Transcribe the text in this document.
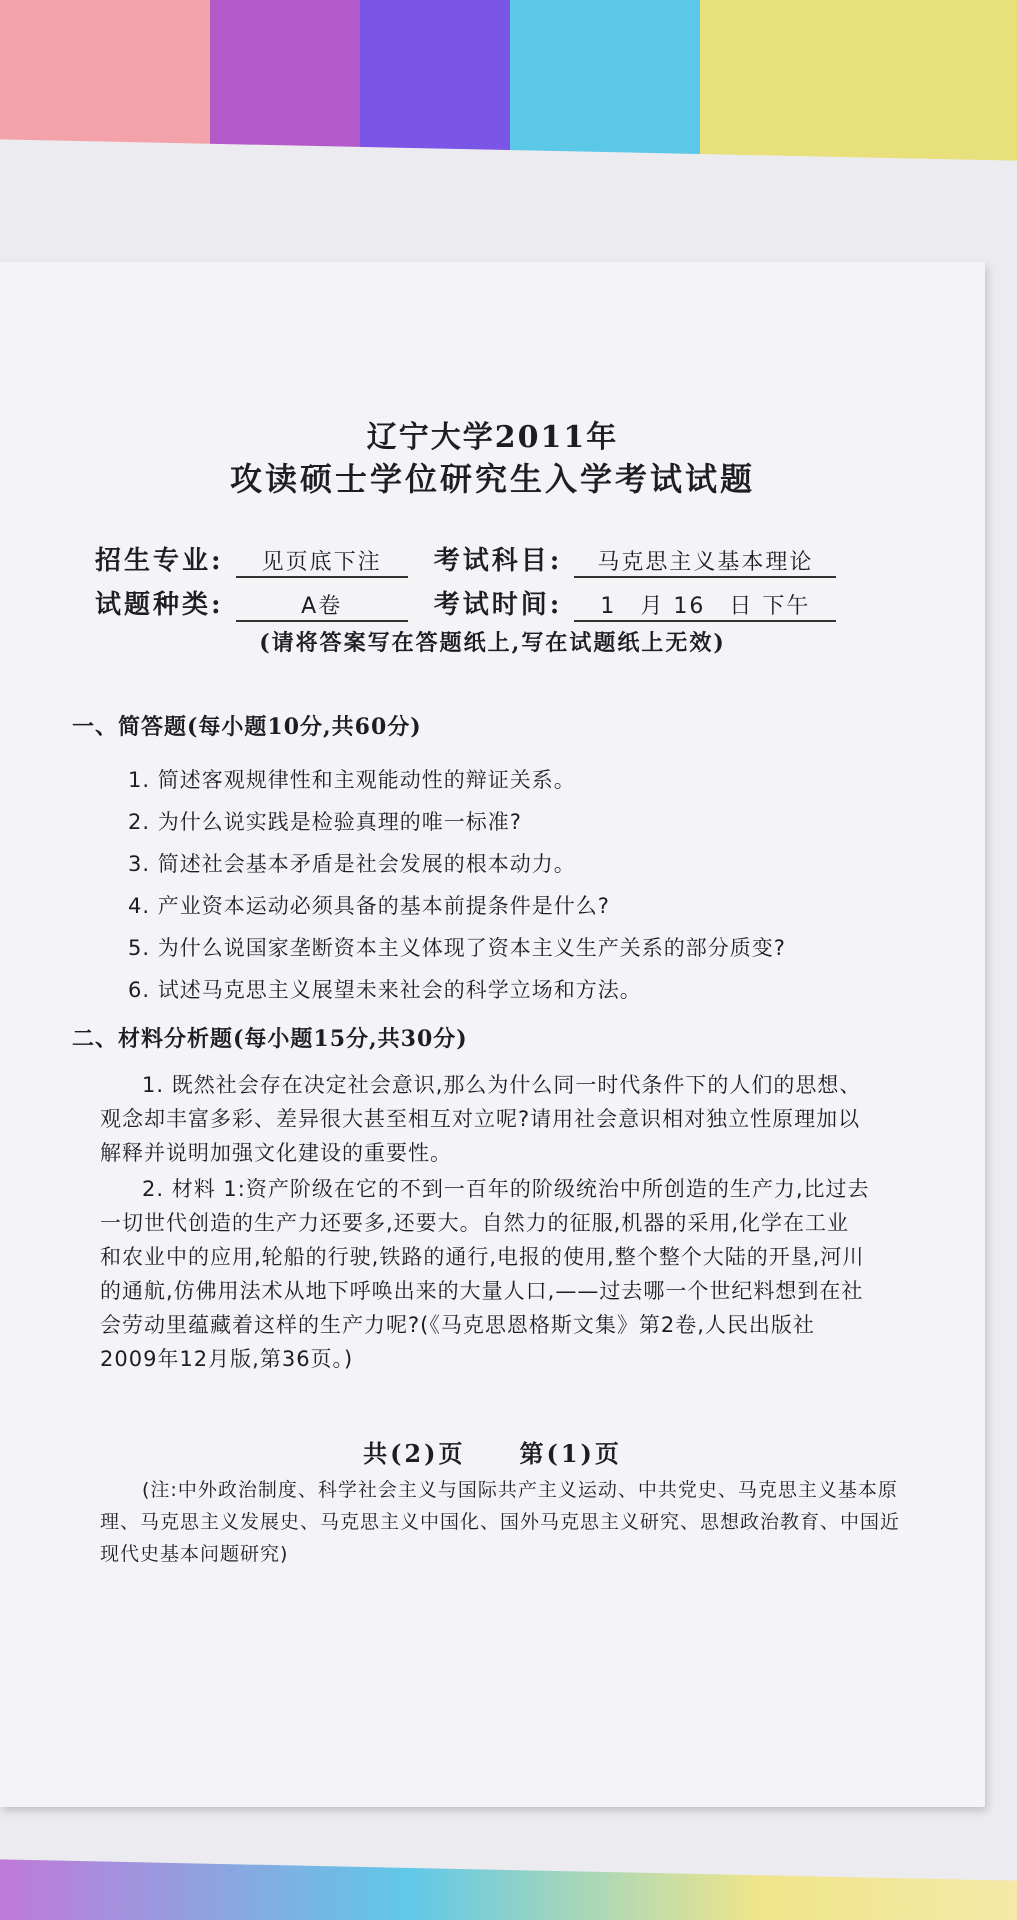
辽宁大学2011年
攻读硕士学位研究生入学考试试题
招生专业: 见页底下注 考试科目: 马克思主义基本理论
试题种类:	A卷	考试时间: 1　月 16　日 下午
(请将答案写在答题纸上,写在试题纸上无效)
一、简答题(每小题10分,共60分)
1. 简述客观规律性和主观能动性的辩证关系。
2. 为什么说实践是检验真理的唯一标准?
3. 简述社会基本矛盾是社会发展的根本动力。
4. 产业资本运动必须具备的基本前提条件是什么?
5. 为什么说国家垄断资本主义体现了资本主义生产关系的部分质变?
6. 试述马克思主义展望未来社会的科学立场和方法。
二、材料分析题(每小题15分,共30分)

1. 既然社会存在决定社会意识,那么为什么同一时代条件下的人们的思想、观念却丰富多彩、差异很大甚至相互对立呢?请用社会意识相对独立性原理加以解释并说明加强文化建设的重要性。

2. 材料 1:资产阶级在它的不到一百年的阶级统治中所创造的生产力,比过去一切世代创造的生产力还要多,还要大。自然力的征服,机器的采用,化学在工业和农业中的应用,轮船的行驶,铁路的通行,电报的使用,整个整个大陆的开垦,河川的通航,仿佛用法术从地下呼唤出来的大量人口,——过去哪一个世纪料想到在社会劳动里蕴藏着这样的生产力呢?(《马克思恩格斯文集》第2卷,人民出版社2009年12月版,第36页。)

共(2)页　　第(1)页

(注:中外政治制度、科学社会主义与国际共产主义运动、中共党史、马克思主义基本原理、马克思主义发展史、马克思主义中国化、国外马克思主义研究、思想政治教育、中国近现代史基本问题研究)
